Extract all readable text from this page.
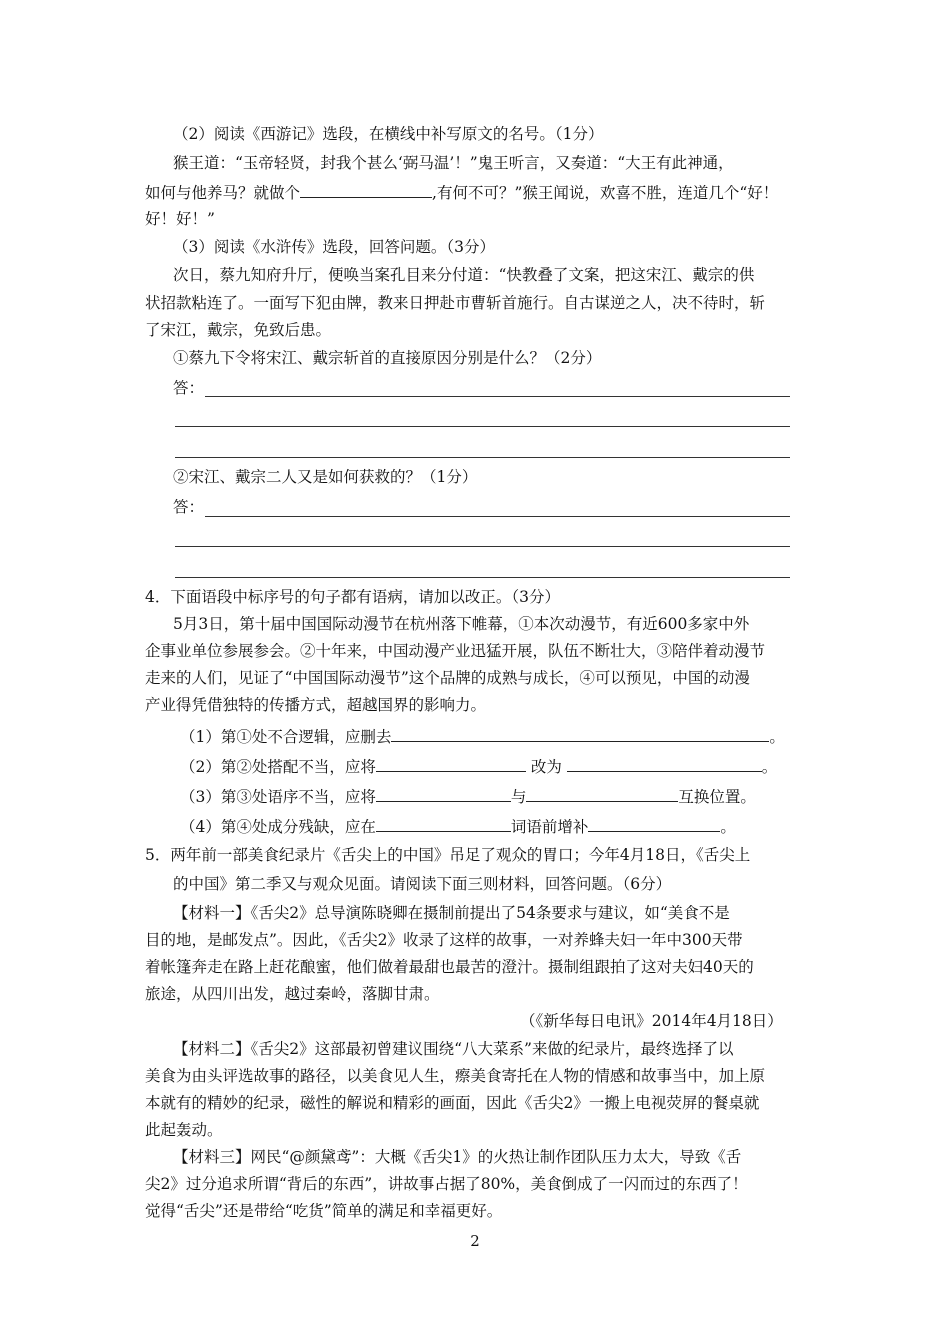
（2）阅读《西游记》选段，在横线中补写原文的名号。（1分）
猴王道：“玉帝轻贤，封我个甚么‘弼马温’！”鬼王听言，又奏道：“大王有此神通，
如何与他养马？就做个	,有何不可？”猴王闻说，欢喜不胜，连道几个“好！
好！好！”
（3）阅读《水浒传》选段，回答问题。（3分）
次日，蔡九知府升厅，便唤当案孔目来分付道：“快教叠了文案，把这宋江、戴宗的供
状招款粘连了。一面写下犯由牌，教来日押赴市曹斩首施行。自古谋逆之人，决不待时，斩
了宋江，戴宗，免致后患。
①蔡九下令将宋江、戴宗斩首的直接原因分别是什么？（2分）
答：
②宋江、戴宗二人又是如何获救的？（1分）
答：
4．下面语段中标序号的句子都有语病，请加以改正。（3分）
5月3日，第十届中国国际动漫节在杭州落下帷幕，①本次动漫节，有近600多家中外
企事业单位参展参会。②十年来，中国动漫产业迅猛开展，队伍不断壮大，③陪伴着动漫节
走来的人们，见证了“中国国际动漫节”这个品牌的成熟与成长，④可以预见，中国的动漫
产业得凭借独特的传播方式，超越国界的影响力。
（1）第①处不合逻辑，应删去	。
（2）第②处搭配不当，应将	改为	。
（3）第③处语序不当，应将	与	互换位置。
（4）第④处成分残缺，应在	词语前增补	。
5．两年前一部美食纪录片《舌尖上的中国》吊足了观众的胃口；今年4月18日，《舌尖上
的中国》第二季又与观众见面。请阅读下面三则材料，回答问题。（6分）
【材料一】《舌尖2》总导演陈晓卿在摄制前提出了54条要求与建议，如“美食不是
目的地，是邮发点”。因此，《舌尖2》收录了这样的故事，一对养蜂夫妇一年中300天带
着帐篷奔走在路上赶花酿蜜，他们做着最甜也最苦的澄汁。摄制组跟拍了这对夫妇40天的
旅途，从四川出发，越过秦岭，落脚甘肃。
（《新华每日电讯》2014年4月18日）
【材料二】《舌尖2》这部最初曾建议围绕“八大菜系”来做的纪录片，最终选择了以
美食为由头评选故事的路径，以美食见人生，瘵美食寄托在人物的情感和故事当中，加上原
本就有的精妙的纪录，磁性的解说和精彩的画面，因此《舌尖2》一搬上电视荧屏的餐桌就
此起轰动。
【材料三】网民“@颜黛鸢”：大概《舌尖1》的火热让制作团队压力太大，导致《舌
尖2》过分追求所谓“背后的东西”，讲故事占据了80%，美食倒成了一闪而过的东西了！
觉得“舌尖”还是带给“吃货”简单的满足和幸福更好。
2
